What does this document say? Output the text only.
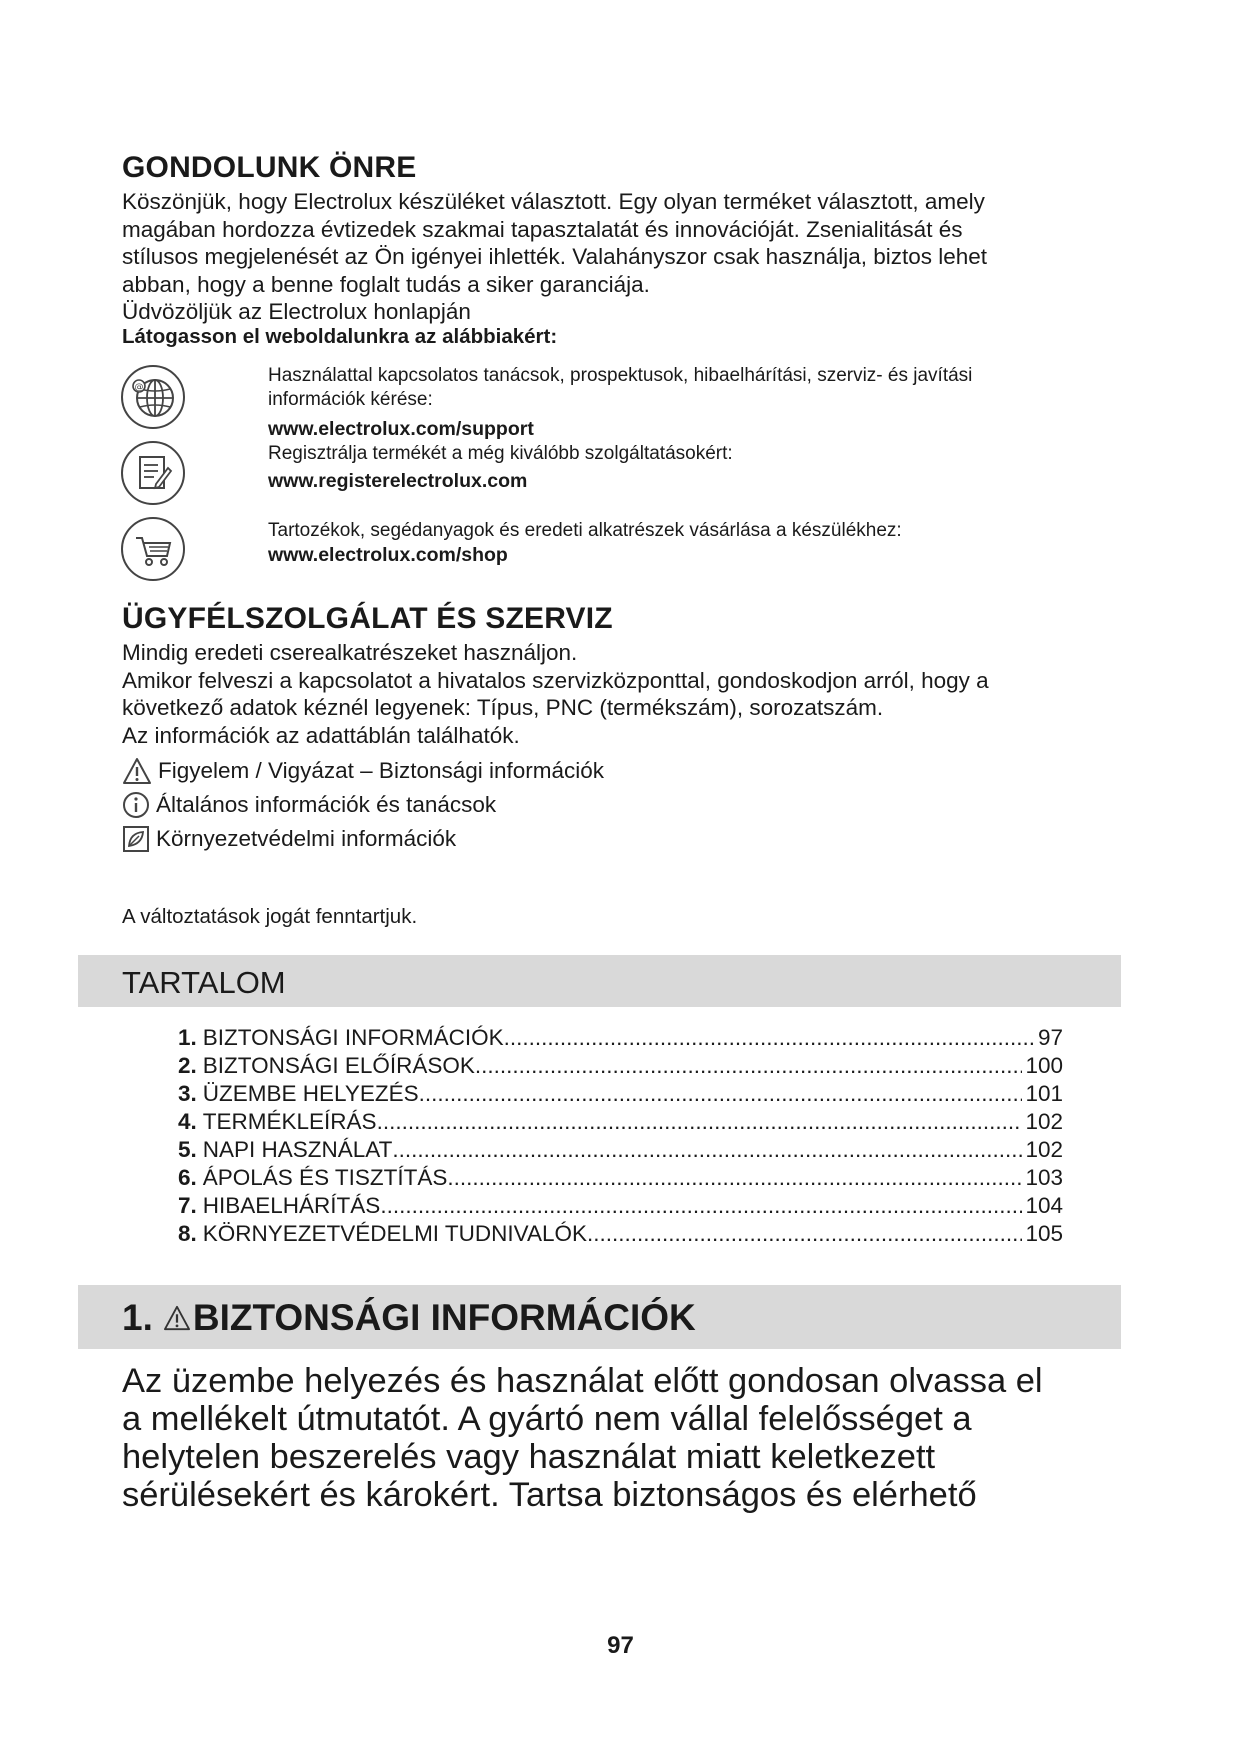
GONDOLUNK ÖNRE
Köszönjük, hogy Electrolux készüléket választott. Egy olyan terméket választott, amely
magában hordozza évtizedek szakmai tapasztalatát és innovációját. Zsenialitását és
stílusos megjelenését az Ön igényei ihlették. Valahányszor csak használja, biztos lehet
abban, hogy a benne foglalt tudás a siker garanciája.
Üdvözöljük az Electrolux honlapján
Látogasson el weboldalunkra az alábbiakért:
@
Használattal kapcsolatos tanácsok, prospektusok, hibaelhárítási, szerviz- és javítási
információk kérése:
www.electrolux.com/support
Regisztrálja termékét a még kiválóbb szolgáltatásokért:
www.registerelectrolux.com
Tartozékok, segédanyagok és eredeti alkatrészek vásárlása a készülékhez:
www.electrolux.com/shop
ÜGYFÉLSZOLGÁLAT ÉS SZERVIZ
Mindig eredeti cserealkatrészeket használjon.
Amikor felveszi a kapcsolatot a hivatalos szervizközponttal, gondoskodjon arról, hogy a
következő adatok kéznél legyenek: Típus, PNC (termékszám), sorozatszám.
Az információk az adattáblán találhatók.
Figyelem / Vigyázat – Biztonsági információk
Általános információk és tanácsok
Környezetvédelmi információk
A változtatások jogát fenntartjuk.
TARTALOM
1. BIZTONSÁGI INFORMÁCIÓK .....	97
2. BIZTONSÁGI ELŐÍRÁSOK .....	100
3. ÜZEMBE HELYEZÉS .....	101
4. TERMÉKLEÍRÁS .....	102
5. NAPI HASZNÁLAT .....	102
6. ÁPOLÁS ÉS TISZTÍTÁS .....	103
7. HIBAELHÁRÍTÁS .....	104
8. KÖRNYEZETVÉDELMI TUDNIVALÓK .....	105
1. BIZTONSÁGI INFORMÁCIÓK
Az üzembe helyezés és használat előtt gondosan olvassa el
a mellékelt útmutatót. A gyártó nem vállal felelősséget a
helytelen beszerelés vagy használat miatt keletkezett
sérülésekért és károkért. Tartsa biztonságos és elérhető
97
